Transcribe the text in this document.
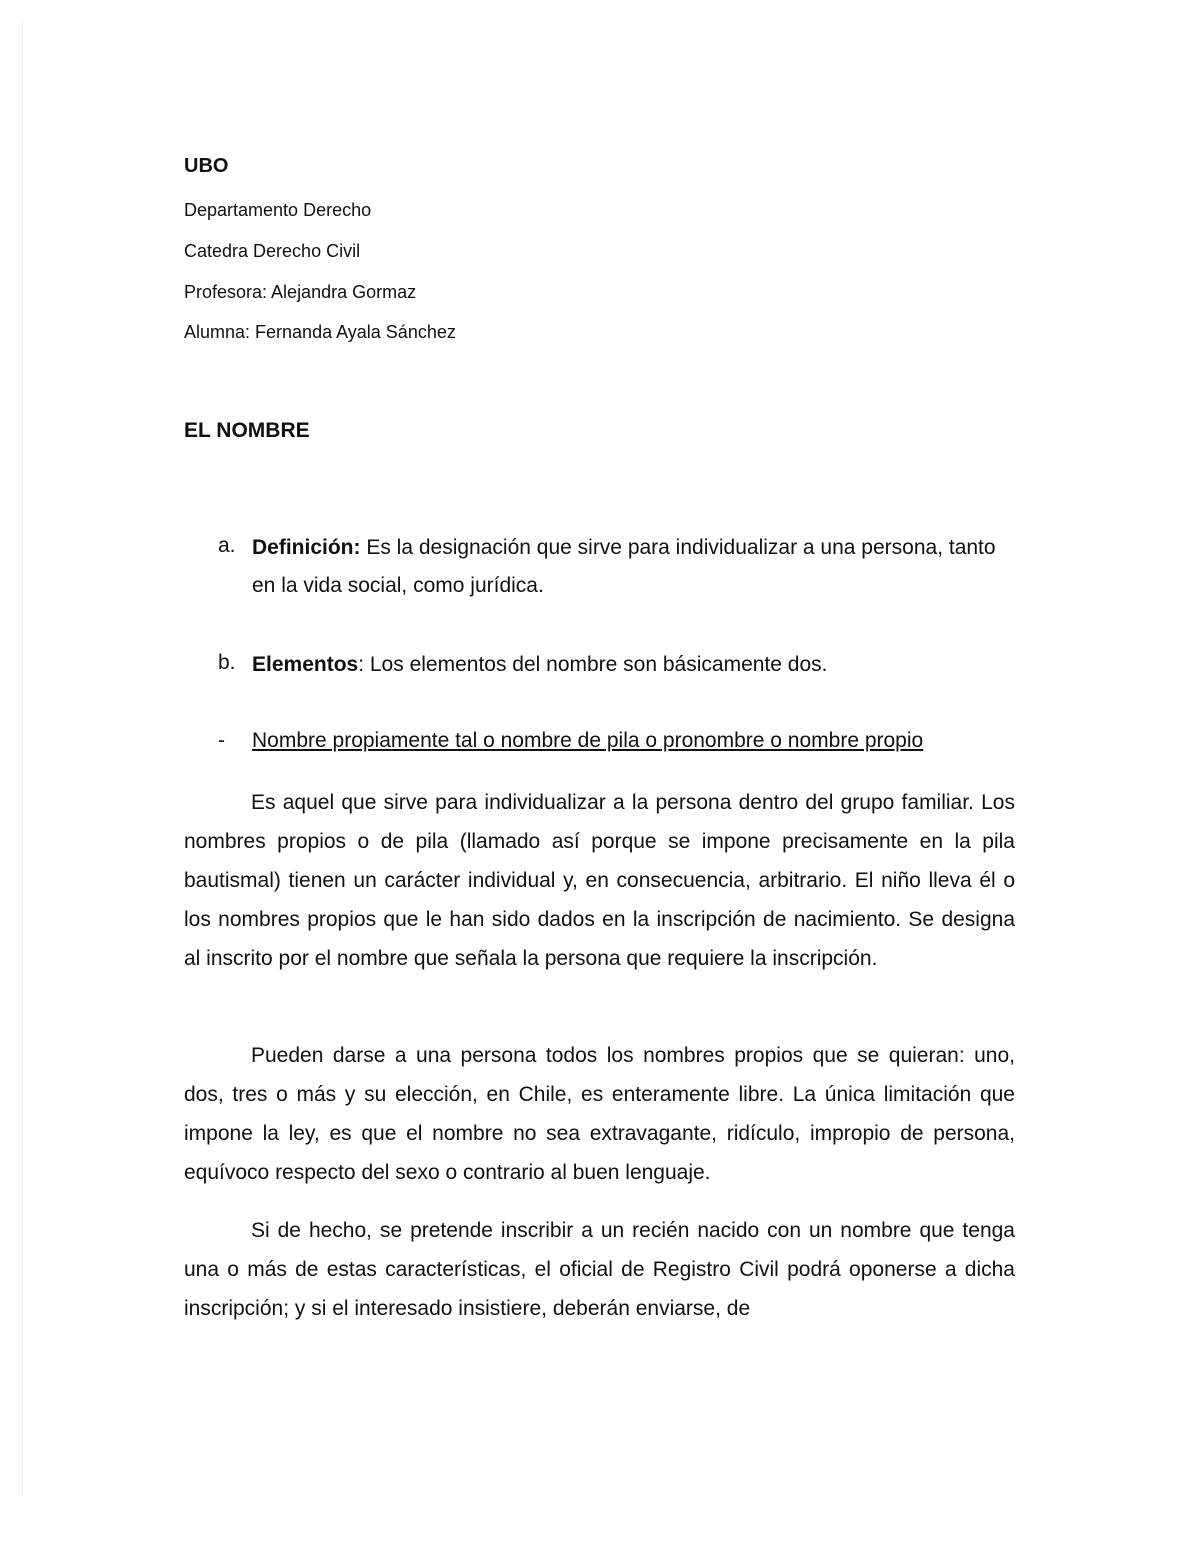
UBO
Departamento Derecho
Catedra Derecho Civil
Profesora: Alejandra Gormaz
Alumna: Fernanda Ayala Sánchez
EL NOMBRE
a. Definición: Es la designación que sirve para individualizar a una persona, tanto en la vida social, como jurídica.
b. Elementos: Los elementos del nombre son básicamente dos.
- Nombre propiamente tal o nombre de pila o pronombre o nombre propio

Es aquel que sirve para individualizar a la persona dentro del grupo familiar. Los nombres propios o de pila (llamado así porque se impone precisamente en la pila bautismal) tienen un carácter individual y, en consecuencia, arbitrario. El niño lleva él o los nombres propios que le han sido dados en la inscripción de nacimiento. Se designa al inscrito por el nombre que señala la persona que requiere la inscripción.

Pueden darse a una persona todos los nombres propios que se quieran: uno, dos, tres o más y su elección, en Chile, es enteramente libre. La única limitación que impone la ley, es que el nombre no sea extravagante, ridículo, impropio de persona, equívoco respecto del sexo o contrario al buen lenguaje.

Si de hecho, se pretende inscribir a un recién nacido con un nombre que tenga una o más de estas características, el oficial de Registro Civil podrá oponerse a dicha inscripción; y si el interesado insistiere, deberán enviarse, de
